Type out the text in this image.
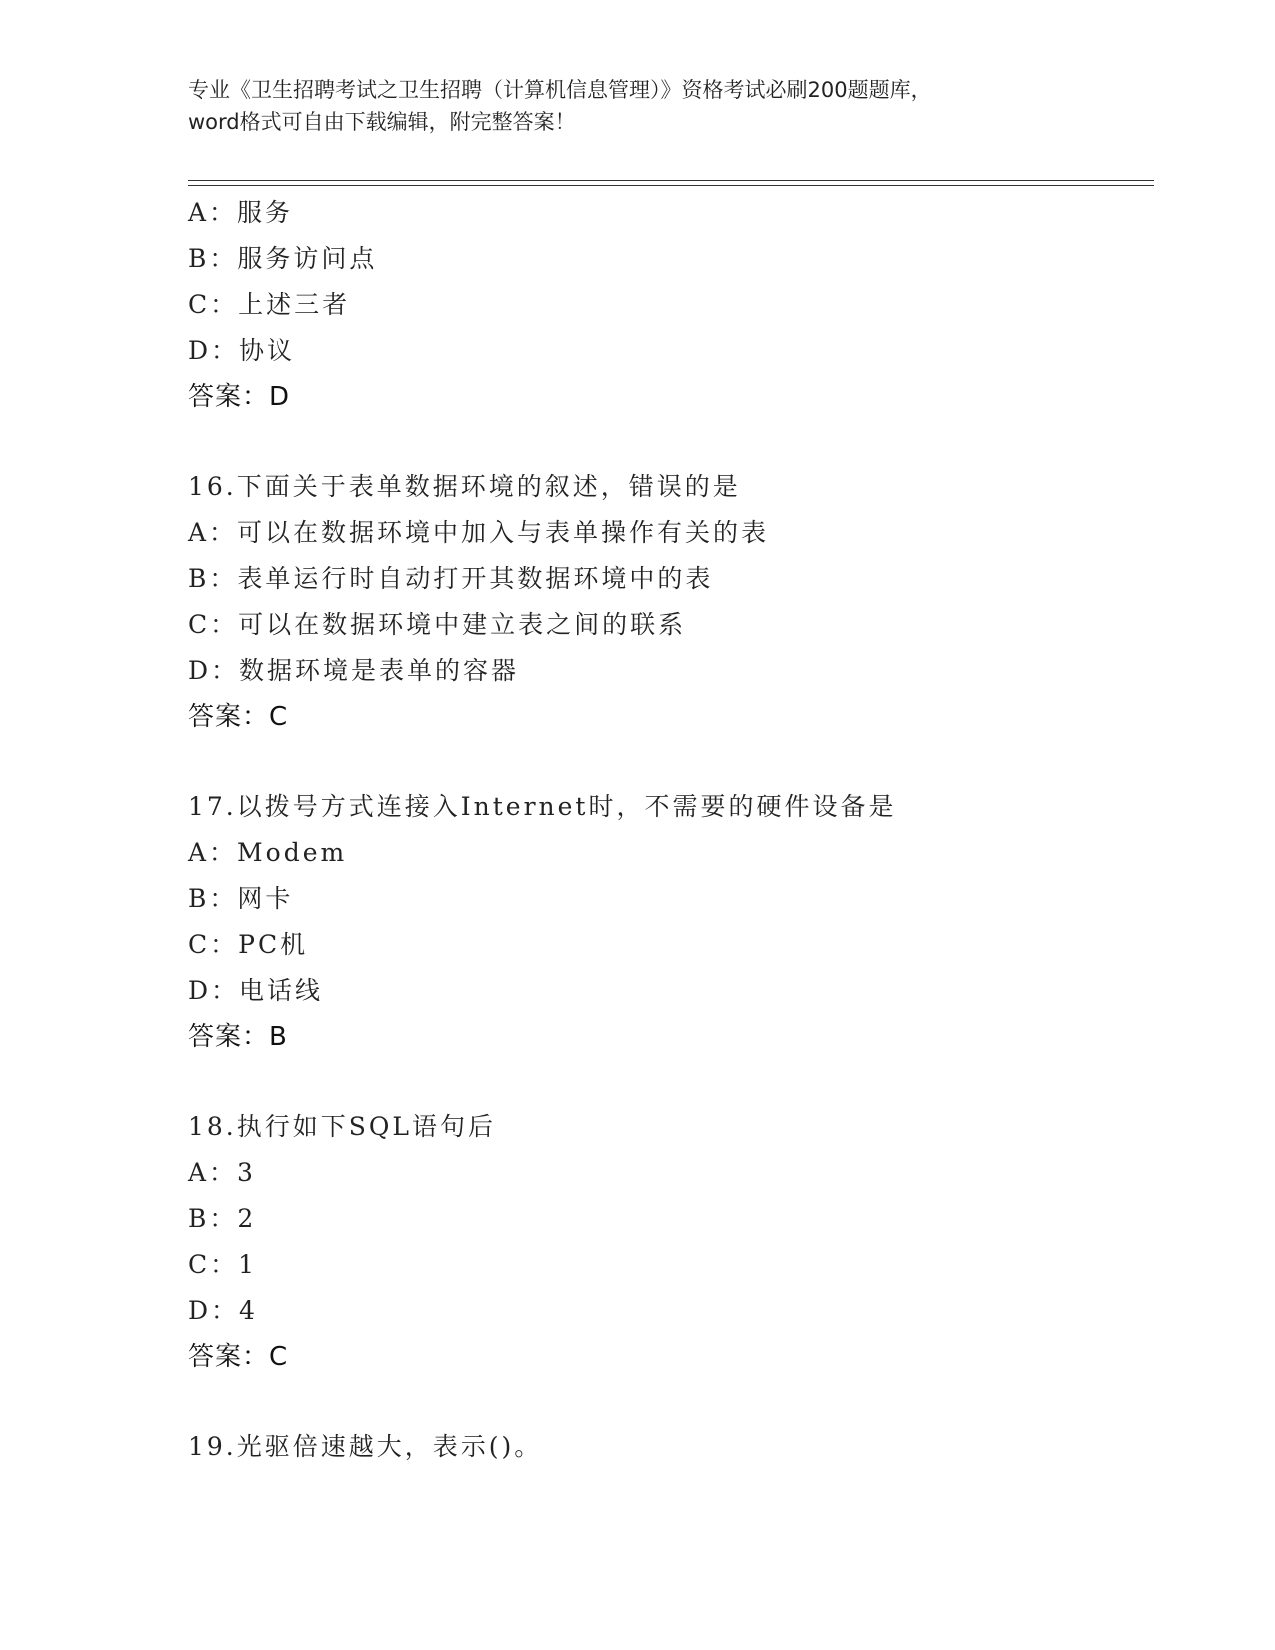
专业《卫生招聘考试之卫生招聘（计算机信息管理）》资格考试必刷200题题库，
word格式可自由下载编辑，附完整答案！
A：服务
B：服务访问点
C：上述三者
D：协议
答案：D
16.下面关于表单数据环境的叙述，错误的是
A：可以在数据环境中加入与表单操作有关的表
B：表单运行时自动打开其数据环境中的表
C：可以在数据环境中建立表之间的联系
D：数据环境是表单的容器
答案：C
17.以拨号方式连接入Internet时，不需要的硬件设备是
A：Modem
B：网卡
C：PC机
D：电话线
答案：B
18.执行如下SQL语句后
A：3
B：2
C：1
D：4
答案：C
19.光驱倍速越大，表示()。
